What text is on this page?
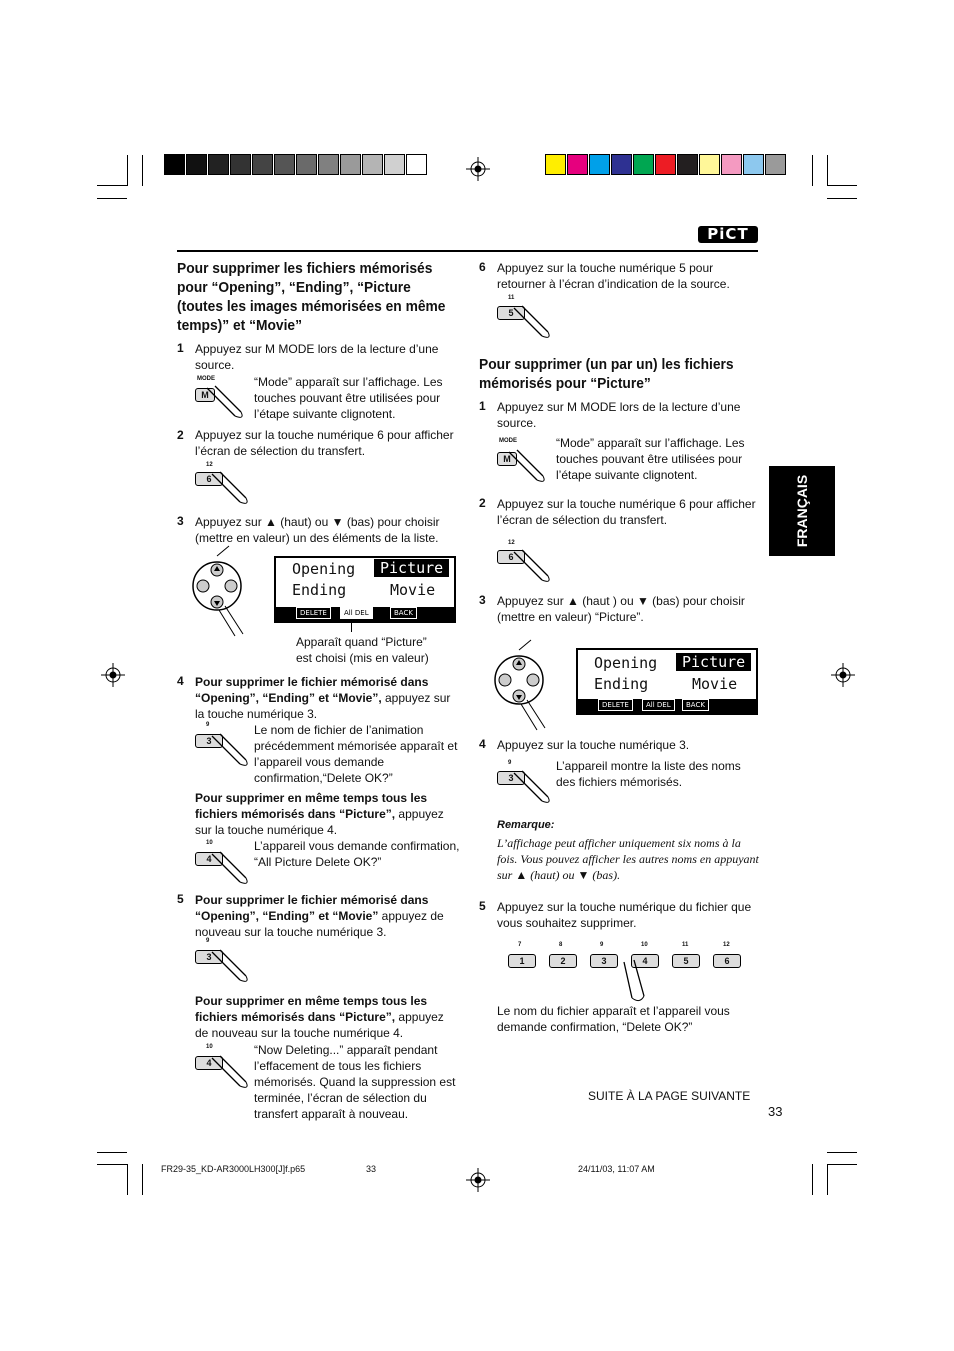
PiCT
FRANÇAIS
Pour supprimer les fichiers mémorisés pour “Opening”, “Ending”, “Picture (toutes les images mémorisées en même temps)” et “Movie”
1 Appuyez sur M MODE lors de la lecture d’une source.
MODE
M
“Mode” apparaît sur l’affichage. Les touches pouvant être utilisées pour l’étape suivante clignotent.
2 Appuyez sur la touche numérique 6 pour afficher l’écran de sélection du transfert.
12
6
3 Appuyez sur ▲ (haut) ou ▼ (bas) pour choisir (mettre en valeur) un des éléments de la liste.
Opening	Picture
Ending	Movie
DELETE	All DEL	BACK
Apparaît quand “Picture” est choisi (mis en valeur)
4 Pour supprimer le fichier mémorisé dans “Opening”, “Ending” et “Movie”, appuyez sur la touche numérique 3.
9
3
Le nom de fichier de l’animation précédemment mémorisée apparaît et l’appareil vous demande confirmation,“Delete OK?”
Pour supprimer en même temps tous les fichiers mémorisés dans “Picture”, appuyez sur la touche numérique 4.
10
4
L’appareil vous demande confirmation, “All Picture Delete OK?”
5 Pour supprimer le fichier mémorisé dans “Opening”, “Ending” et “Movie” appuyez de nouveau sur la touche numérique 3.
9
3
Pour supprimer en même temps tous les fichiers mémorisés dans “Picture”, appuyez de nouveau sur la touche numérique 4.
10
4
“Now Deleting...” apparaît pendant l’effacement de tous les fichiers mémorisés. Quand la suppression est terminée, l’écran de sélection du transfert apparaît à nouveau.
6 Appuyez sur la touche numérique 5 pour retourner à l’écran d’indication de la source.
11
5
Pour supprimer (un par un) les fichiers mémorisés pour “Picture”
1 Appuyez sur M MODE lors de la lecture d’une source.
MODE
M
“Mode” apparaît sur l’affichage. Les touches pouvant être utilisées pour l’étape suivante clignotent.
2 Appuyez sur la touche numérique 6 pour afficher l’écran de sélection du transfert.
12
6
3 Appuyez sur ▲ (haut ) ou ▼ (bas) pour choisir (mettre en valeur) “Picture”.
Opening	Picture
Ending	Movie
DELETE	All DEL	BACK
4 Appuyez sur la touche numérique 3.
9
3
L’appareil montre la liste des noms des fichiers mémorisés.
Remarque:
L’affichage peut afficher uniquement six noms à la fois. Vous pouvez afficher les autres noms en appuyant sur ▲ (haut) ou ▼ (bas).
5 Appuyez sur la touche numérique du fichier que vous souhaitez supprimer.
7
1
8
2
9
3
10
4
11
5
12
6
Le nom du fichier apparaît et l’appareil vous demande confirmation, “Delete OK?”
SUITE À LA PAGE SUIVANTE
33
FR29-35_KD-AR3000LH300[J]f.p65	33	24/11/03, 11:07 AM
